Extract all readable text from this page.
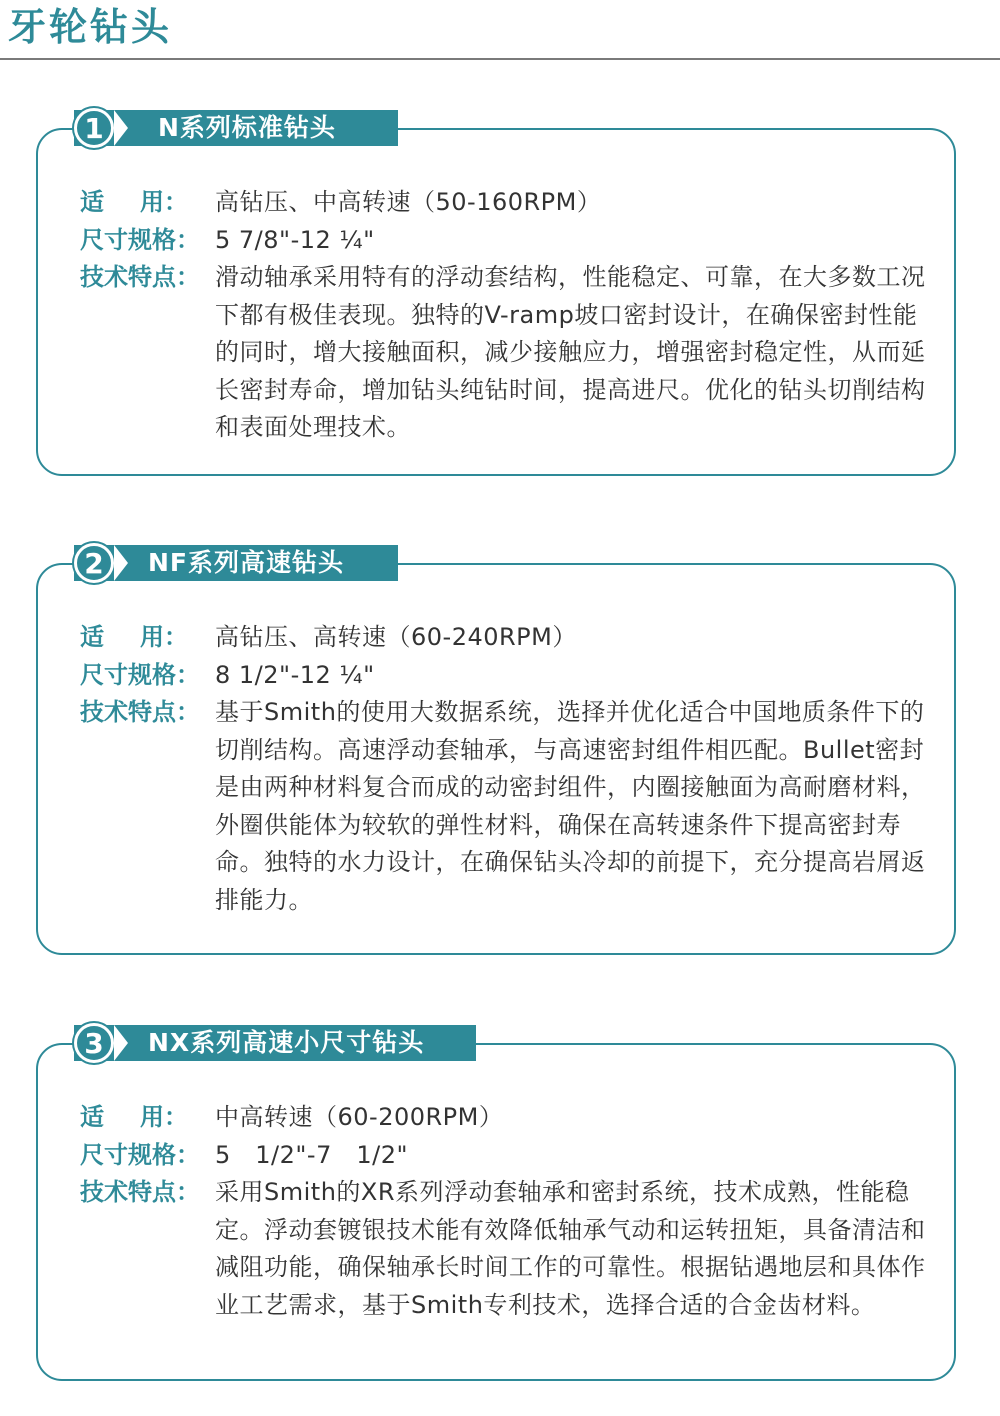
牙轮钻头
1	N系列标准钻头
适 用： 高钻压、中高转速（50-160RPM）
尺寸规格： 5 7/8"-12 ¼"
技术特点： 滑动轴承采用特有的浮动套结构，性能稳定、可靠，在大多数工况下都有极佳表现。独特的V-ramp坡口密封设计，在确保密封性能的同时，增大接触面积，减少接触应力，增强密封稳定性，从而延长密封寿命，增加钻头纯钻时间，提高进尺。优化的钻头切削结构和表面处理技术。
2	NF系列高速钻头
适 用： 高钻压、高转速（60-240RPM）
尺寸规格： 8 1/2"-12 ¼"
技术特点： 基于Smith的使用大数据系统，选择并优化适合中国地质条件下的切削结构。高速浮动套轴承，与高速密封组件相匹配。Bullet密封是由两种材料复合而成的动密封组件，内圈接触面为高耐磨材料，外圈供能体为较软的弹性材料，确保在高转速条件下提高密封寿命。独特的水力设计，在确保钻头冷却的前提下，充分提高岩屑返排能力。
3	NX系列高速小尺寸钻头
适 用： 中高转速（60-200RPM）
尺寸规格： 5　1/2"-7　1/2"
技术特点： 采用Smith的XR系列浮动套轴承和密封系统，技术成熟，性能稳定。浮动套镀银技术能有效降低轴承气动和运转扭矩，具备清洁和减阻功能，确保轴承长时间工作的可靠性。根据钻遇地层和具体作业工艺需求，基于Smith专利技术，选择合适的合金齿材料。
